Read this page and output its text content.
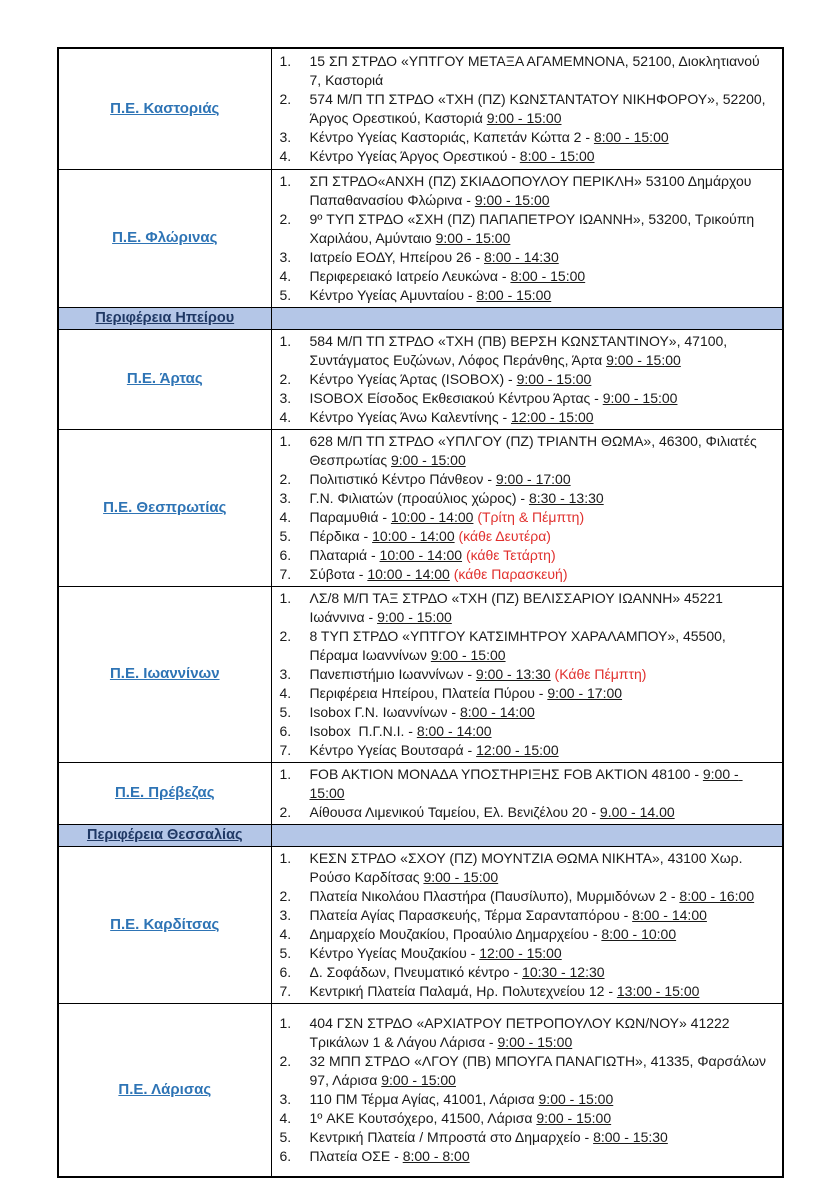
Π.Ε. Καστοριάς	
1.	15 ΣΠ ΣΤΡΔΟ «ΥΠΤΓΟΥ ΜΕΤΑΞΑ ΑΓΑΜΕΜΝΟΝΑ, 52100, Διοκλητιανού 7, Καστοριά
2.	574 Μ/Π ΤΠ ΣΤΡΔΟ «ΤΧΗ (ΠΖ) ΚΩΝΣΤΑΝΤΑΤΟΥ ΝΙΚΗΦΟΡΟΥ», 52200, Άργος Ορεστικού, Καστοριά 9:00 - 15:00
3.	Κέντρο Υγείας Καστοριάς, Καπετάν Κώττα 2 - 8:00 - 15:00
4.	Κέντρο Υγείας Άργος Ορεστικού - 8:00 - 15:00

Π.Ε. Φλώρινας	
1.	ΣΠ ΣΤΡΔΟ«ΑΝΧΗ (ΠΖ) ΣΚΙΑΔΟΠΟΥΛΟΥ ΠΕΡΙΚΛΗ» 53100 Δημάρχου Παπαθανασίου Φλώρινα - 9:00 - 15:00
2.	9º ΤΥΠ ΣΤΡΔΟ «ΣΧΗ (ΠΖ) ΠΑΠΑΠΕΤΡΟΥ ΙΩΑΝΝΗ», 53200, Τρικούπη Χαριλάου, Αμύνταιο 9:00 - 15:00
3.	Ιατρείο ΕΟΔΥ, Ηπείρου 26 - 8:00 - 14:30
4.	Περιφερειακό Ιατρείο Λευκώνα - 8:00 - 15:00
5.	Κέντρο Υγείας Αμυνταίου - 8:00 - 15:00

Περιφέρεια Ηπείρου	
Π.Ε. Άρτας	
1.	584 Μ/Π ΤΠ ΣΤΡΔΟ «ΤΧΗ (ΠΒ) ΒΕΡΣΗ ΚΩΝΣΤΑΝΤΙΝΟΥ», 47100, Συντάγματος Ευζώνων, Λόφος Περάνθης, Άρτα 9:00 - 15:00
2.	Κέντρο Υγείας Άρτας (ISOBOX) - 9:00 - 15:00
3.	ISOBOX Είσοδος Εκθεσιακού Κέντρου Άρτας - 9:00 - 15:00
4.	Κέντρο Υγείας Άνω Καλεντίνης - 12:00 - 15:00

Π.Ε. Θεσπρωτίας	
1.	628 Μ/Π ΤΠ ΣΤΡΔΟ «ΥΠΛΓΟΥ (ΠΖ) ΤΡΙΑΝΤΗ ΘΩΜΑ», 46300, Φιλιατές Θεσπρωτίας 9:00 - 15:00
2.	Πολιτιστικό Κέντρο Πάνθεον - 9:00 - 17:00
3.	Γ.Ν. Φιλιατών (προαύλιος χώρος) - 8:30 - 13:30
4.	Παραμυθιά - 10:00 - 14:00 (Τρίτη & Πέμπτη)
5.	Πέρδικα - 10:00 - 14:00 (κάθε Δευτέρα)
6.	Πλαταριά - 10:00 - 14:00 (κάθε Τετάρτη)
7.	Σύβοτα - 10:00 - 14:00 (κάθε Παρασκευή)

Π.Ε. Ιωαννίνων	
1.	ΛΣ/8 Μ/Π ΤΑΞ ΣΤΡΔΟ «ΤΧΗ (ΠΖ) ΒΕΛΙΣΣΑΡΙΟΥ ΙΩΑΝΝΗ» 45221 Ιωάννινα - 9:00 - 15:00
2.	8 ΤΥΠ ΣΤΡΔΟ «ΥΠΤΓΟΥ ΚΑΤΣΙΜΗΤΡΟΥ ΧΑΡΑΛΑΜΠΟΥ», 45500, Πέραμα Ιωαννίνων 9:00 - 15:00
3.	Πανεπιστήμιο Ιωαννίνων - 9:00 - 13:30 (Κάθε Πέμπτη)
4.	Περιφέρεια Ηπείρου, Πλατεία Πύρου - 9:00 - 17:00
5.	Isobox Γ.Ν. Ιωαννίνων - 8:00 - 14:00
6.	Isobox  Π.Γ.Ν.Ι. - 8:00 - 14:00
7.	Κέντρο Υγείας Βουτσαρά - 12:00 - 15:00

Π.Ε. Πρέβεζας	
1.	FOB AKTION ΜΟΝΑΔΑ ΥΠΟΣΤΗΡΙΞΗΣ FOB AKTION 48100 - 9:00 - 15:00
2.	Αίθουσα Λιμενικού Ταμείου, Ελ. Βενιζέλου 20 - 9.00 - 14.00

Περιφέρεια Θεσσαλίας	
Π.Ε. Καρδίτσας	
1.	ΚΕΣΝ ΣΤΡΔΟ «ΣΧΟΥ (ΠΖ) ΜΟΥΝΤΖΙΑ ΘΩΜΑ ΝΙΚΗΤΑ», 43100 Χωρ. Ρούσο Καρδίτσας 9:00 - 15:00
2.	Πλατεία Νικολάου Πλαστήρα (Παυσίλυπο), Μυρμιδόνων 2 - 8:00 - 16:00
3.	Πλατεία Αγίας Παρασκευής, Τέρμα Σαρανταπόρου - 8:00 - 14:00
4.	Δημαρχείο Μουζακίου, Προαύλιο Δημαρχείου - 8:00 - 10:00
5.	Κέντρο Υγείας Μουζακίου - 12:00 - 15:00
6.	Δ. Σοφάδων, Πνευματικό κέντρο - 10:30 - 12:30
7.	Κεντρική Πλατεία Παλαμά, Ηρ. Πολυτεχνείου 12 - 13:00 - 15:00

Π.Ε. Λάρισας	
1.	404 ΓΣΝ ΣΤΡΔΟ «ΑΡΧΙΑΤΡΟΥ ΠΕΤΡΟΠΟΥΛΟΥ ΚΩΝ/ΝΟΥ» 41222 Τρικάλων 1 & Λάγου Λάρισα - 9:00 - 15:00
2.	32 ΜΠΠ ΣΤΡΔΟ «ΛΓΟΥ (ΠΒ) ΜΠΟΥΓΑ ΠΑΝΑΓΙΩΤΗ», 41335, Φαρσάλων 97, Λάρισα 9:00 - 15:00
3.	110 ΠΜ Τέρμα Αγίας, 41001, Λάρισα 9:00 - 15:00
4.	1º ΑΚΕ Κουτσόχερο, 41500, Λάρισα 9:00 - 15:00
5.	Κεντρική Πλατεία / Μπροστά στο Δημαρχείο - 8:00 - 15:30
6.	Πλατεία ΟΣΕ - 8:00 - 8:00
